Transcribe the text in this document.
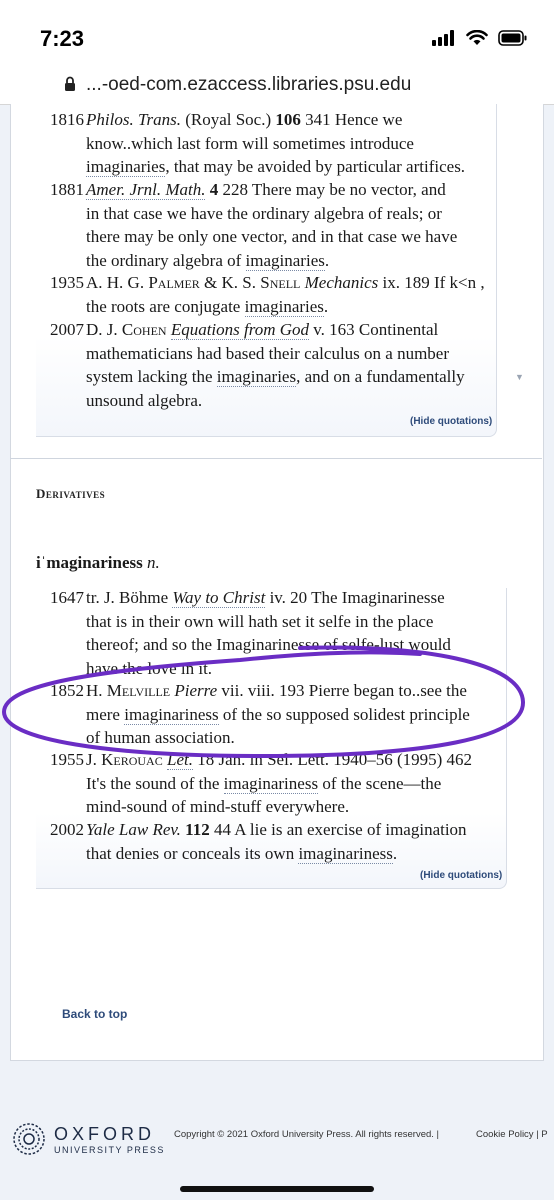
7:23
...-oed-com.ezaccess.libraries.psu.edu
▼
1816 Philos. Trans. (Royal Soc.) 106 341 Hence we
know..which last form will sometimes introduce
imaginaries, that may be avoided by particular artifices.
1881 Amer. Jrnl. Math. 4 228 There may be no vector, and
in that case we have the ordinary algebra of reals; or
there may be only one vector, and in that case we have
the ordinary algebra of imaginaries.
1935 A. H. G. Palmer & K. S. Snell Mechanics ix. 189 If k<n ,
the roots are conjugate imaginaries.
2007 D. J. Cohen Equations from God v. 163 Continental
mathematicians had based their calculus on a number
system lacking the imaginaries, and on a fundamentally
unsound algebra.
(Hide quotations)
Derivatives
iˈmaginariness n.
1647 tr. J. Böhme Way to Christ iv. 20 The Imaginarinesse
that is in their own will hath set it selfe in the place
thereof; and so the Imaginarinesse of selfe-lust would
have the love in it.
1852 H. Melville Pierre vii. viii. 193 Pierre began to..see the
mere imaginariness of the so supposed solidest principle
of human association.
1955 J. Kerouac Let. 18 Jan. in Sel. Lett. 1940–56 (1995) 462
It's the sound of the imaginariness of the scene—the
mind-sound of mind-stuff everywhere.
2002 Yale Law Rev. 112 44 A lie is an exercise of imagination
that denies or conceals its own imaginariness.
(Hide quotations)
Back to top
OXFORD
UNIVERSITY PRESS
Copyright © 2021 Oxford University Press. All rights reserved. |	Cookie Policy | P
